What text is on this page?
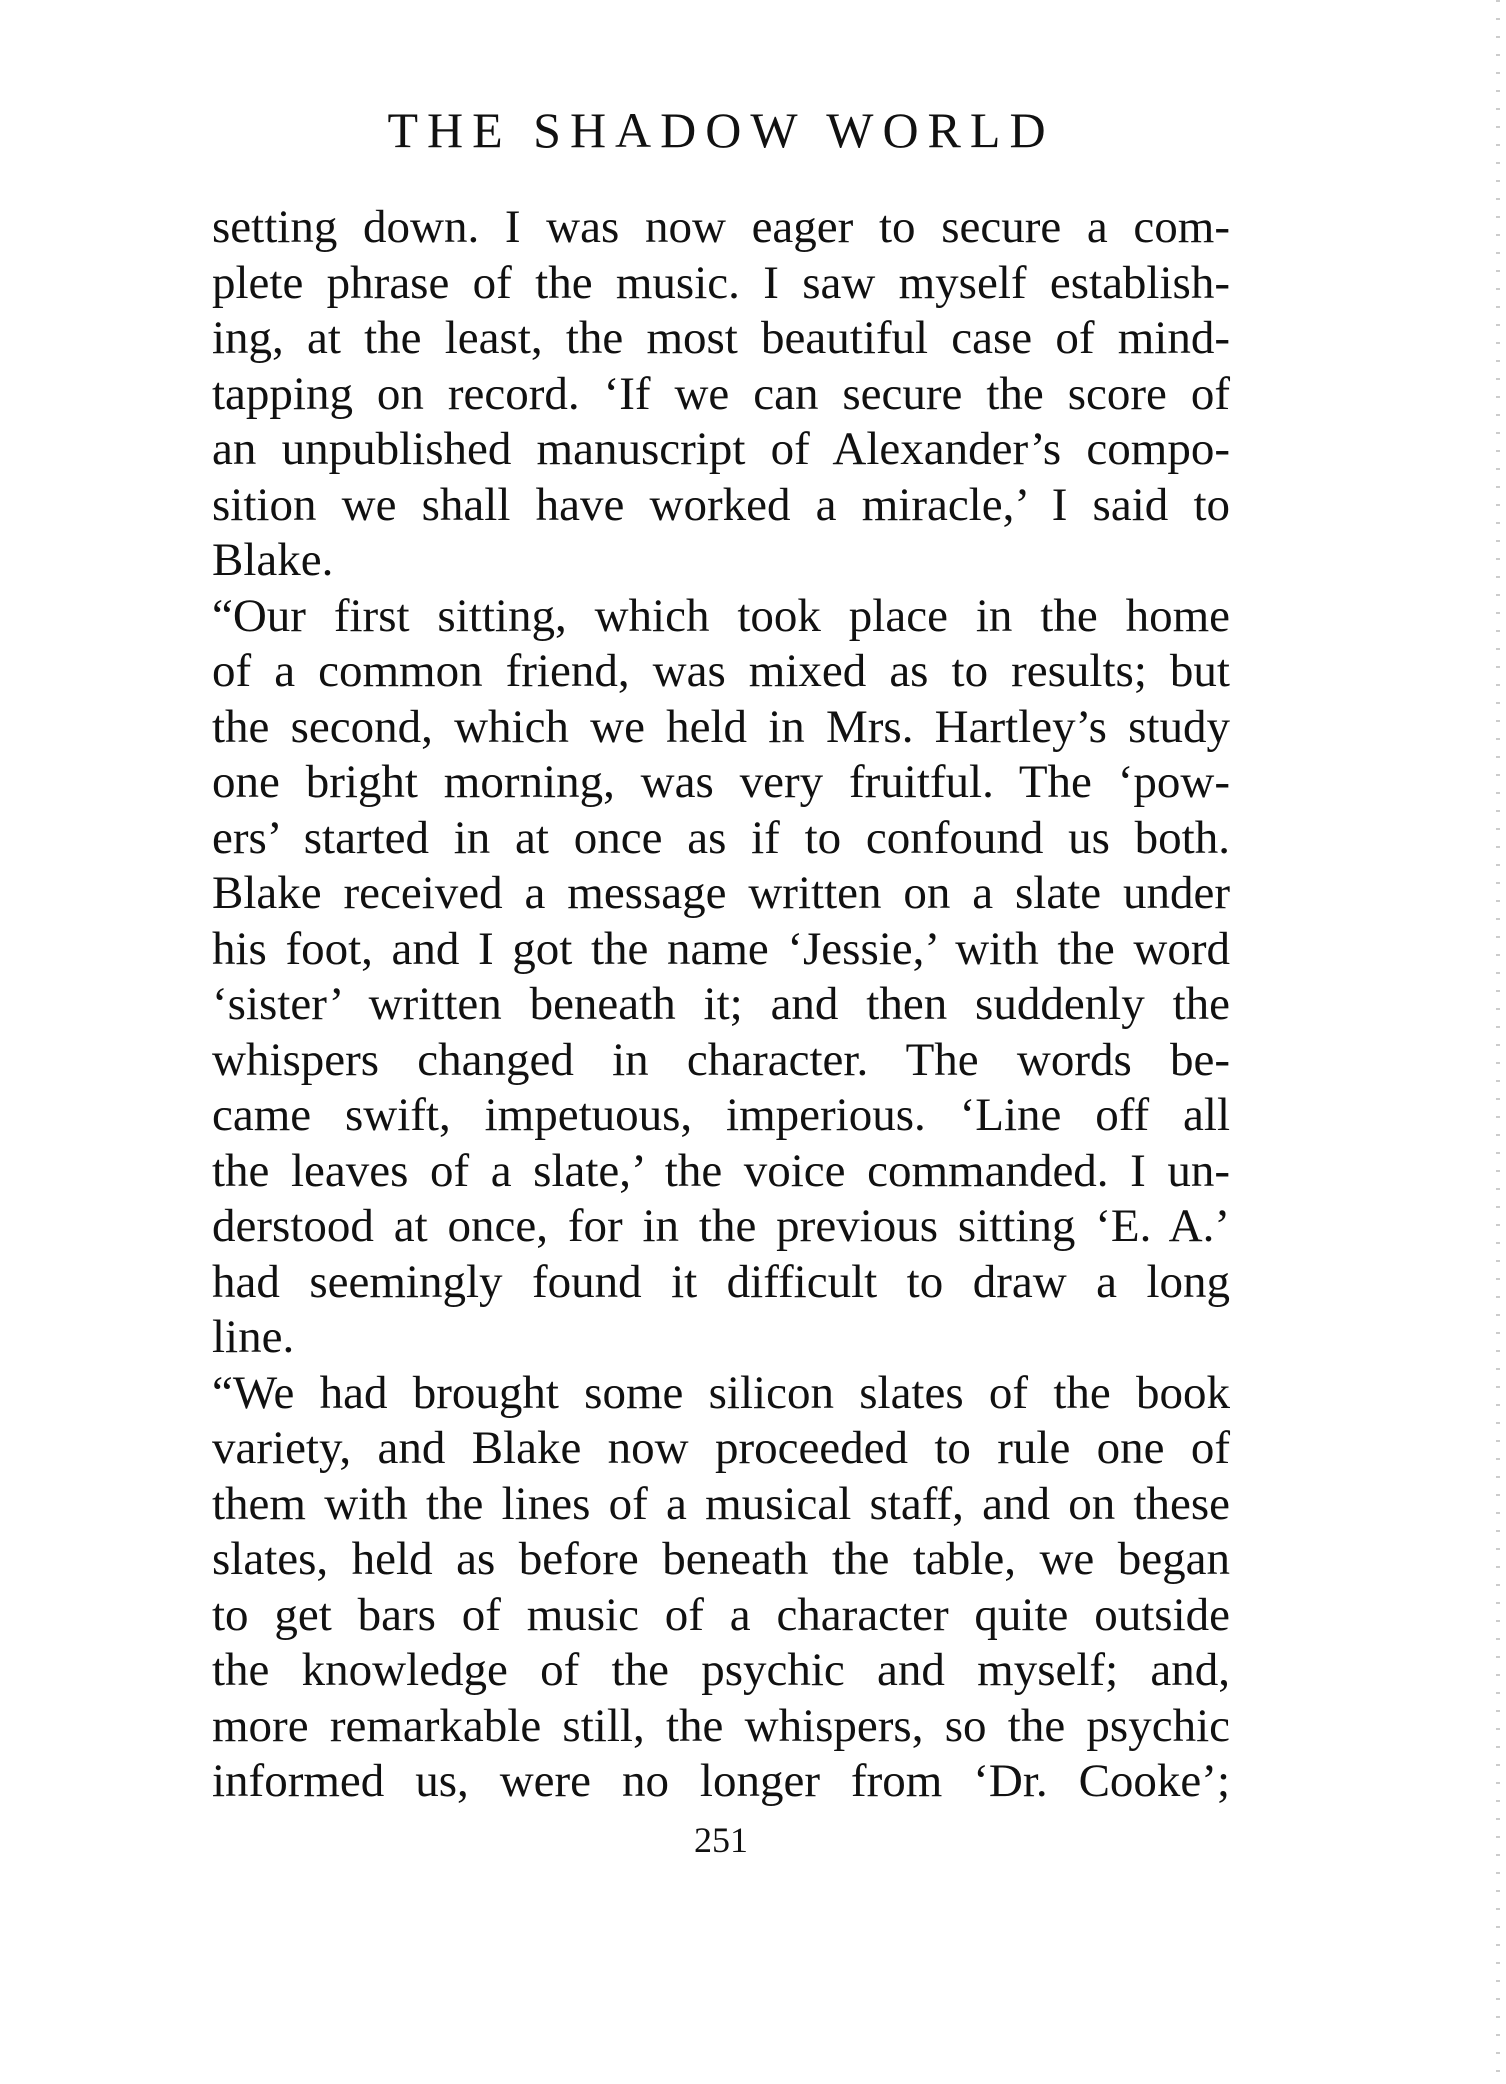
THE SHADOW WORLD
setting down. I was now eager to secure a com-
plete phrase of the music. I saw myself establish-
ing, at the least, the most beautiful case of mind-
tapping on record. ‘If we can secure the score of
an unpublished manuscript of Alexander’s compo-
sition we shall have worked a miracle,’ I said to
Blake.
“Our first sitting, which took place in the home
of a common friend, was mixed as to results; but
the second, which we held in Mrs. Hartley’s study
one bright morning, was very fruitful. The ‘pow-
ers’ started in at once as if to confound us both.
Blake received a message written on a slate under
his foot, and I got the name ‘Jessie,’ with the word
‘sister’ written beneath it; and then suddenly the
whispers changed in character. The words be-
came swift, impetuous, imperious. ‘Line off all
the leaves of a slate,’ the voice commanded. I un-
derstood at once, for in the previous sitting ‘E. A.’
had seemingly found it difficult to draw a long
line.
“We had brought some silicon slates of the book
variety, and Blake now proceeded to rule one of
them with the lines of a musical staff, and on these
slates, held as before beneath the table, we began
to get bars of music of a character quite outside
the knowledge of the psychic and myself; and,
more remarkable still, the whispers, so the psychic
informed us, were no longer from ‘Dr. Cooke’;
251
